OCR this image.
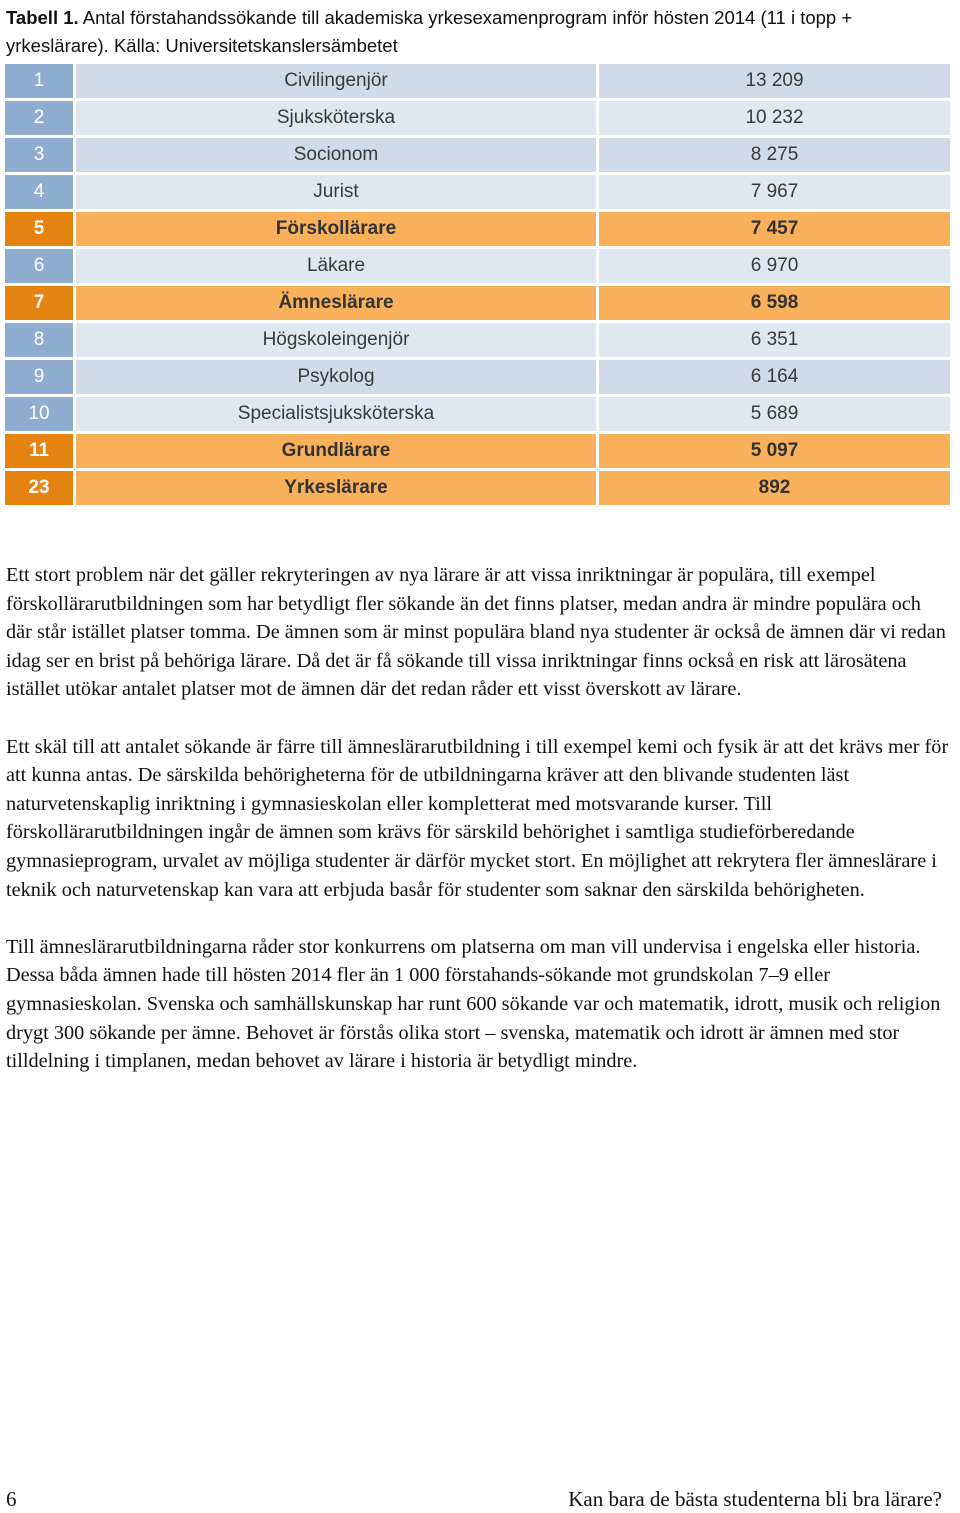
Tabell 1. Antal förstahandssökande till akademiska yrkesexamenprogram inför hösten 2014 (11 i topp + yrkeslärare). Källa: Universitetskanslersämbetet
1	Civilingenjör	13 209
2	Sjuksköterska	10 232
3	Socionom	8 275
4	Jurist	7 967
5	Förskollärare	7 457
6	Läkare	6 970
7	Ämneslärare	6 598
8	Högskoleingenjör	6 351
9	Psykolog	6 164
10	Specialistsjuksköterska	5 689
11	Grundlärare	5 097
23	Yrkeslärare	892

Ett stort problem när det gäller rekryteringen av nya lärare är att vissa inriktningar är populära, till exempel förskollärarutbildningen som har betydligt fler sökande än det finns platser, medan andra är mindre populära och där står istället platser tomma. De ämnen som är minst populära bland nya studenter är också de ämnen där vi redan idag ser en brist på behöriga lärare. Då det är få sökande till vissa inriktningar finns också en risk att lärosätena istället utökar antalet platser mot de ämnen där det redan råder ett visst överskott av lärare.

Ett skäl till att antalet sökande är färre till ämneslärarutbildning i till exempel kemi och fysik är att det krävs mer för att kunna antas. De särskilda behörigheterna för de utbildningarna kräver att den blivande studenten läst naturvetenskaplig inriktning i gymnasieskolan eller kompletterat med motsvarande kurser. Till förskollärarutbildningen ingår de ämnen som krävs för särskild behörighet i samtliga studieförberedande gymnasieprogram, urvalet av möjliga studenter är därför mycket stort. En möjlighet att rekrytera fler ämneslärare i teknik och naturvetenskap kan vara att erbjuda basår för studenter som saknar den särskilda behörigheten.

Till ämneslärarutbildningarna råder stor konkurrens om platserna om man vill undervisa i engelska eller historia. Dessa båda ämnen hade till hösten 2014 fler än 1 000 förstahands-sökande mot grundskolan 7–9 eller gymnasieskolan. Svenska och samhällskunskap har runt 600 sökande var och matematik, idrott, musik och religion drygt 300 sökande per ämne. Behovet är förstås olika stort – svenska, matematik och idrott är ämnen med stor tilldelning i timplanen, medan behovet av lärare i historia är betydligt mindre.

6	Kan bara de bästa studenterna bli bra lärare?
